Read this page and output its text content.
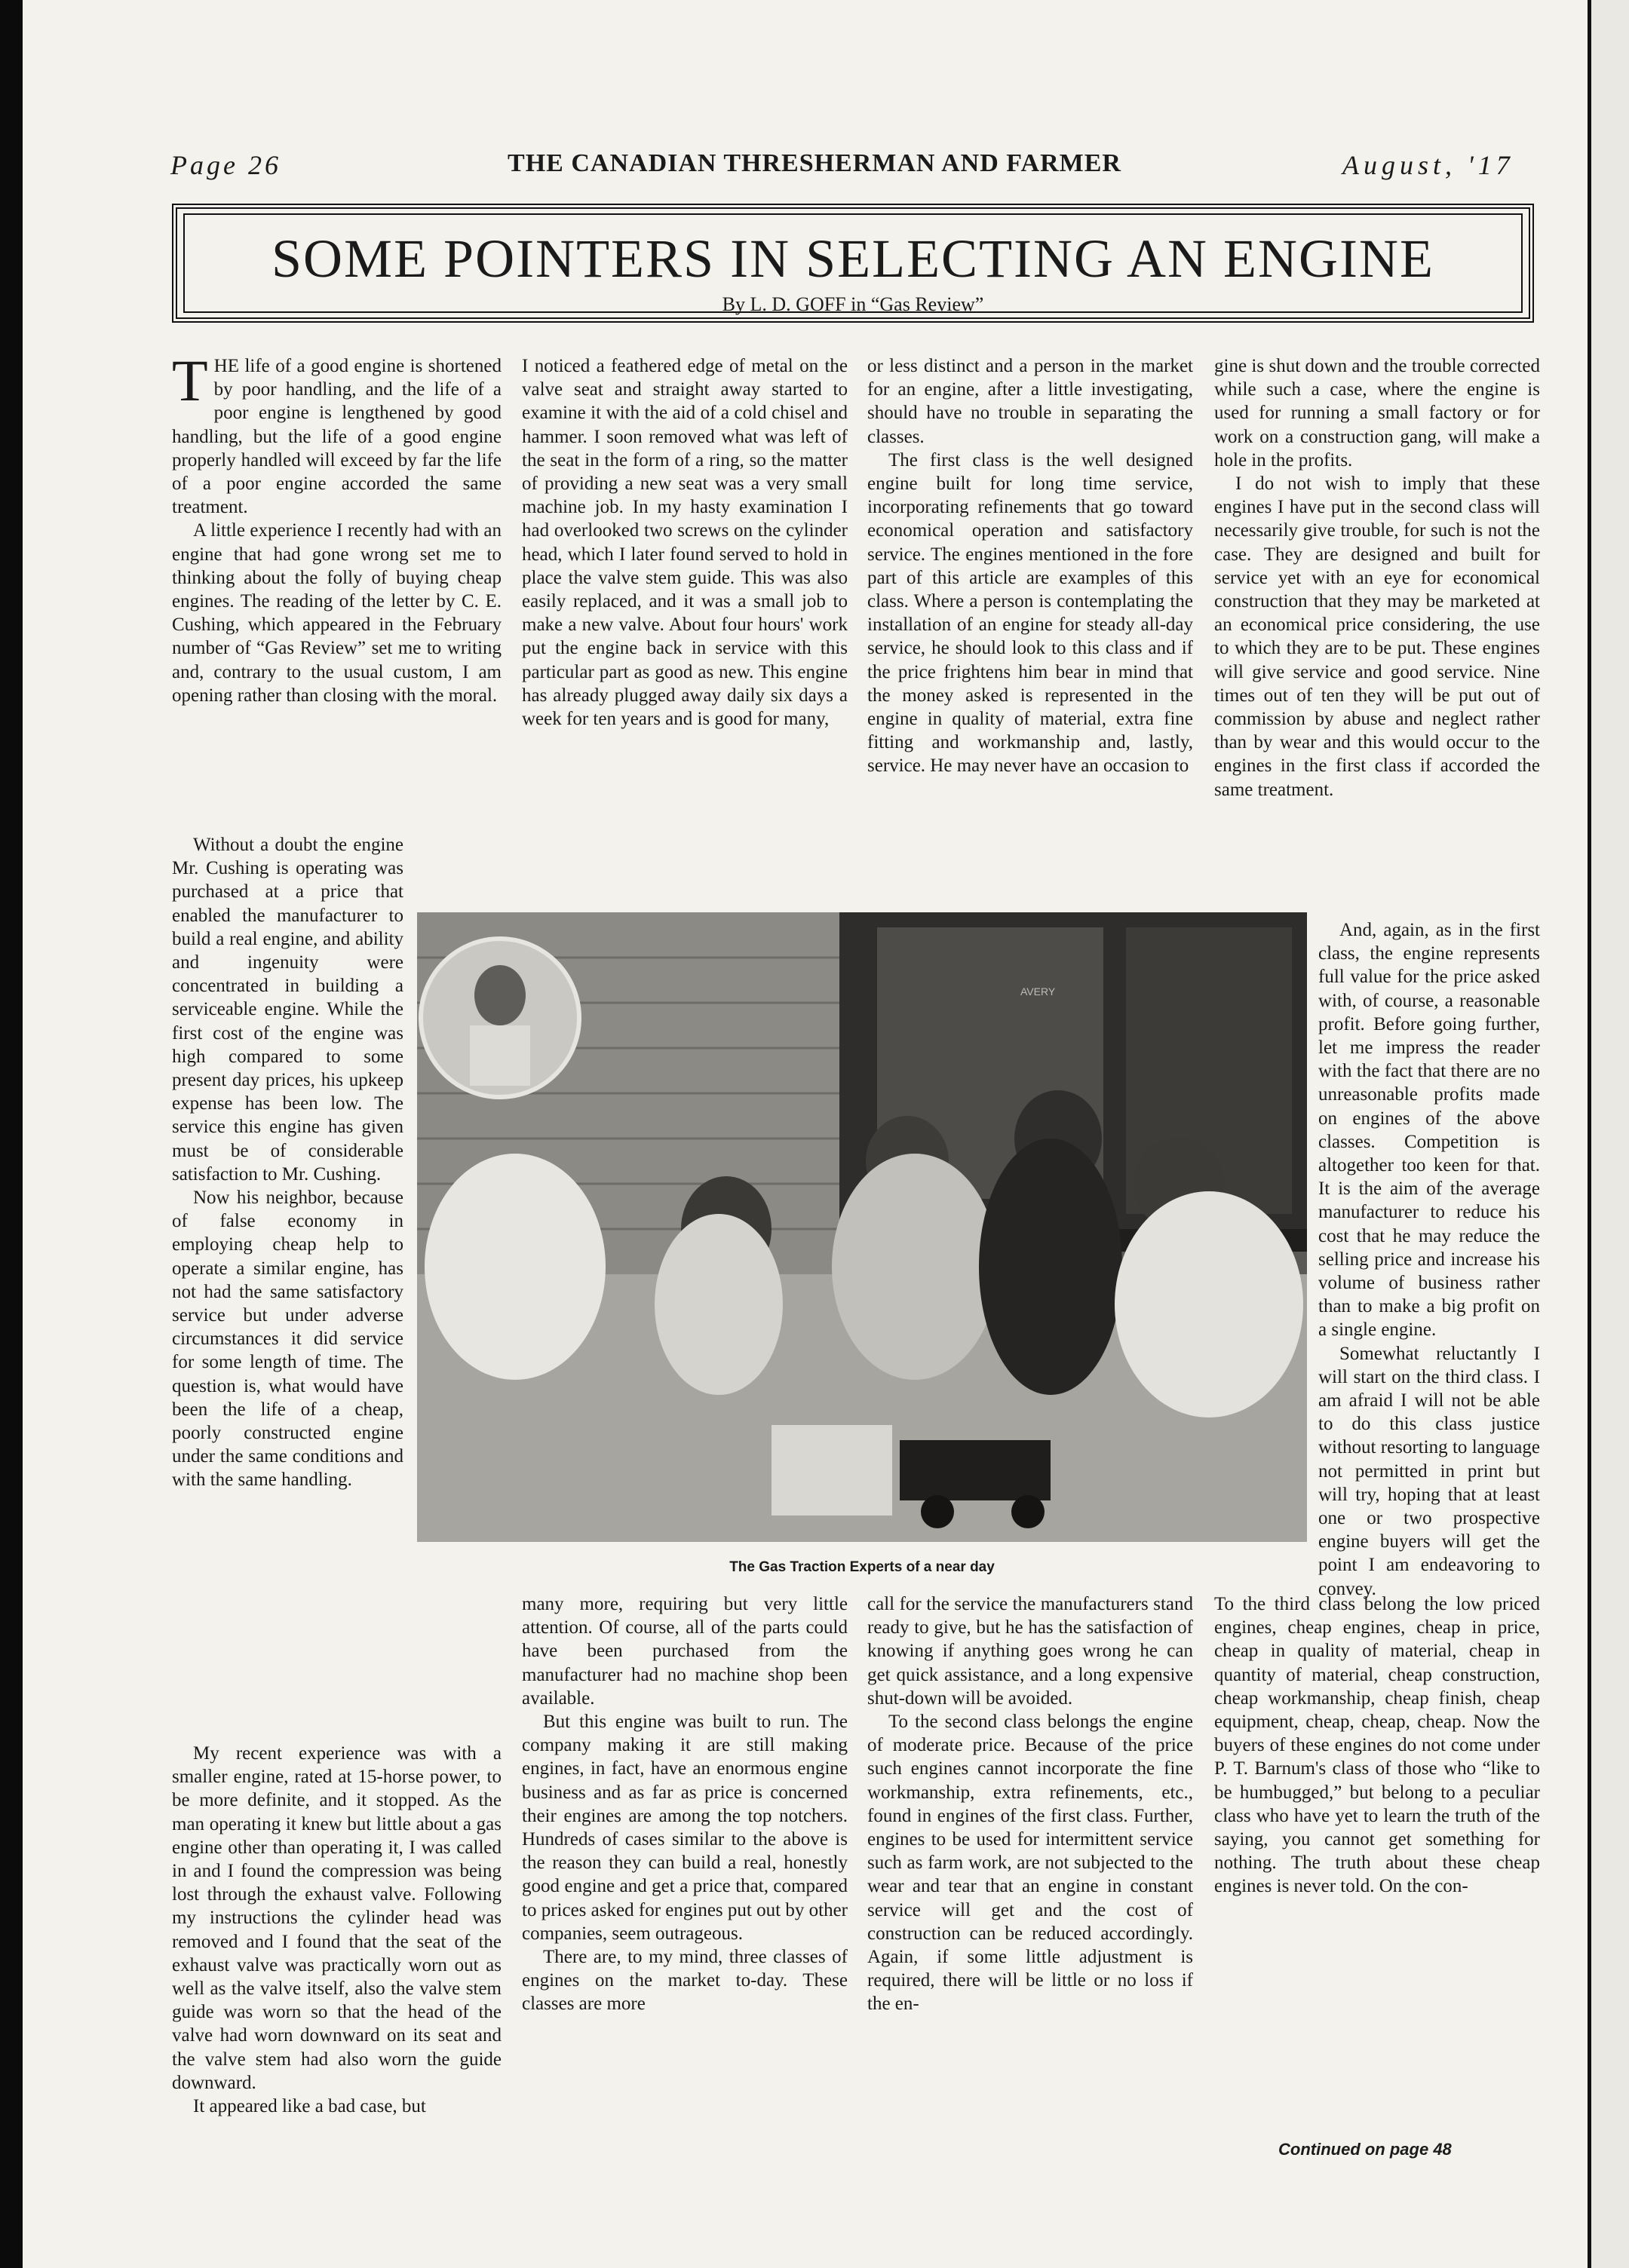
Page 26	THE CANADIAN THRESHERMAN AND FARMER	August, '17
SOME POINTERS IN SELECTING AN ENGINE
By L. D. GOFF in “Gas Review”

THE life of a good engine is shortened by poor handling, and the life of a poor engine is lengthened by good handling, but the life of a good engine properly handled will exceed by far the life of a poor engine accorded the same treatment.

A little experience I recently had with an engine that had gone wrong set me to thinking about the folly of buying cheap engines. The reading of the letter by C. E. Cushing, which appeared in the February number of “Gas Review” set me to writing and, contrary to the usual custom, I am opening rather than closing with the moral.

Without a doubt the engine Mr. Cushing is operating was purchased at a price that enabled the manufacturer to build a real engine, and ability and ingenuity were concentrated in building a serviceable engine. While the first cost of the engine was high compared to some present day prices, his upkeep expense has been low. The service this engine has given must be of considerable satisfaction to Mr. Cushing.

Now his neighbor, because of false economy in employing cheap help to operate a similar engine, has not had the same satisfactory service but under adverse circumstances it did service for some length of time. The question is, what would have been the life of a cheap, poorly constructed engine under the same conditions and with the same handling.

My recent experience was with a smaller engine, rated at 15-horse power, to be more definite, and it stopped. As the man operating it knew but little about a gas engine other than operating it, I was called in and I found the compression was being lost through the exhaust valve. Following my instructions the cylinder head was removed and I found that the seat of the exhaust valve was practically worn out as well as the valve itself, also the valve stem guide was worn so that the head of the valve had worn downward on its seat and the valve stem had also worn the guide downward.

It appeared like a bad case, but

I noticed a feathered edge of metal on the valve seat and straight away started to examine it with the aid of a cold chisel and hammer. I soon removed what was left of the seat in the form of a ring, so the matter of providing a new seat was a very small machine job. In my hasty examination I had overlooked two screws on the cylinder head, which I later found served to hold in place the valve stem guide. This was also easily replaced, and it was a small job to make a new valve. About four hours' work put the engine back in service with this particular part as good as new. This engine has already plugged away daily six days a week for ten years and is good for many,

many more, requiring but very little attention. Of course, all of the parts could have been purchased from the manufacturer had no machine shop been available.

But this engine was built to run. The company making it are still making engines, in fact, have an enormous engine business and as far as price is concerned their engines are among the top notchers. Hundreds of cases similar to the above is the reason they can build a real, honestly good engine and get a price that, compared to prices asked for engines put out by other companies, seem outrageous.

There are, to my mind, three classes of engines on the market to-day. These classes are more

or less distinct and a person in the market for an engine, after a little investigating, should have no trouble in separating the classes.

The first class is the well designed engine built for long time service, incorporating refinements that go toward economical operation and satisfactory service. The engines mentioned in the fore part of this article are examples of this class. Where a person is contemplating the installation of an engine for steady all-day service, he should look to this class and if the price frightens him bear in mind that the money asked is represented in the engine in quality of material, extra fine fitting and workmanship and, lastly, service. He may never have an occasion to

call for the service the manufacturers stand ready to give, but he has the satisfaction of knowing if anything goes wrong he can get quick assistance, and a long expensive shut-down will be avoided.

To the second class belongs the engine of moderate price. Because of the price such engines cannot incorporate the fine workmanship, extra refinements, etc., found in engines of the first class. Further, engines to be used for intermittent service such as farm work, are not subjected to the wear and tear that an engine in constant service will get and the cost of construction can be reduced accordingly. Again, if some little adjustment is required, there will be little or no loss if the en-

gine is shut down and the trouble corrected while such a case, where the engine is used for running a small factory or for work on a construction gang, will make a hole in the profits.

I do not wish to imply that these engines I have put in the second class will necessarily give trouble, for such is not the case. They are designed and built for service yet with an eye for economical construction that they may be marketed at an economical price considering, the use to which they are to be put. These engines will give service and good service. Nine times out of ten they will be put out of commission by abuse and neglect rather than by wear and this would occur to the engines in the first class if accorded the same treatment.

And, again, as in the first class, the engine represents full value for the price asked with, of course, a reasonable profit. Before going further, let me impress the reader with the fact that there are no unreasonable profits made on engines of the above classes. Competition is altogether too keen for that. It is the aim of the average manufacturer to reduce his cost that he may reduce the selling price and increase his volume of business rather than to make a big profit on a single engine.

Somewhat reluctantly I will start on the third class. I am afraid I will not be able to do this class justice without resorting to language not permitted in print but will try, hoping that at least one or two prospective engine buyers will get the point I am endeavoring to convey.

To the third class belong the low priced engines, cheap engines, cheap in price, cheap in quality of material, cheap in quantity of material, cheap construction, cheap workmanship, cheap finish, cheap equipment, cheap, cheap, cheap. Now the buyers of these engines do not come under P. T. Barnum's class of those who “like to be humbugged,” but belong to a peculiar class who have yet to learn the truth of the saying, you cannot get something for nothing. The truth about these cheap engines is never told. On the con-

AVERY
The Gas Traction Experts of a near day
Continued on page 48
